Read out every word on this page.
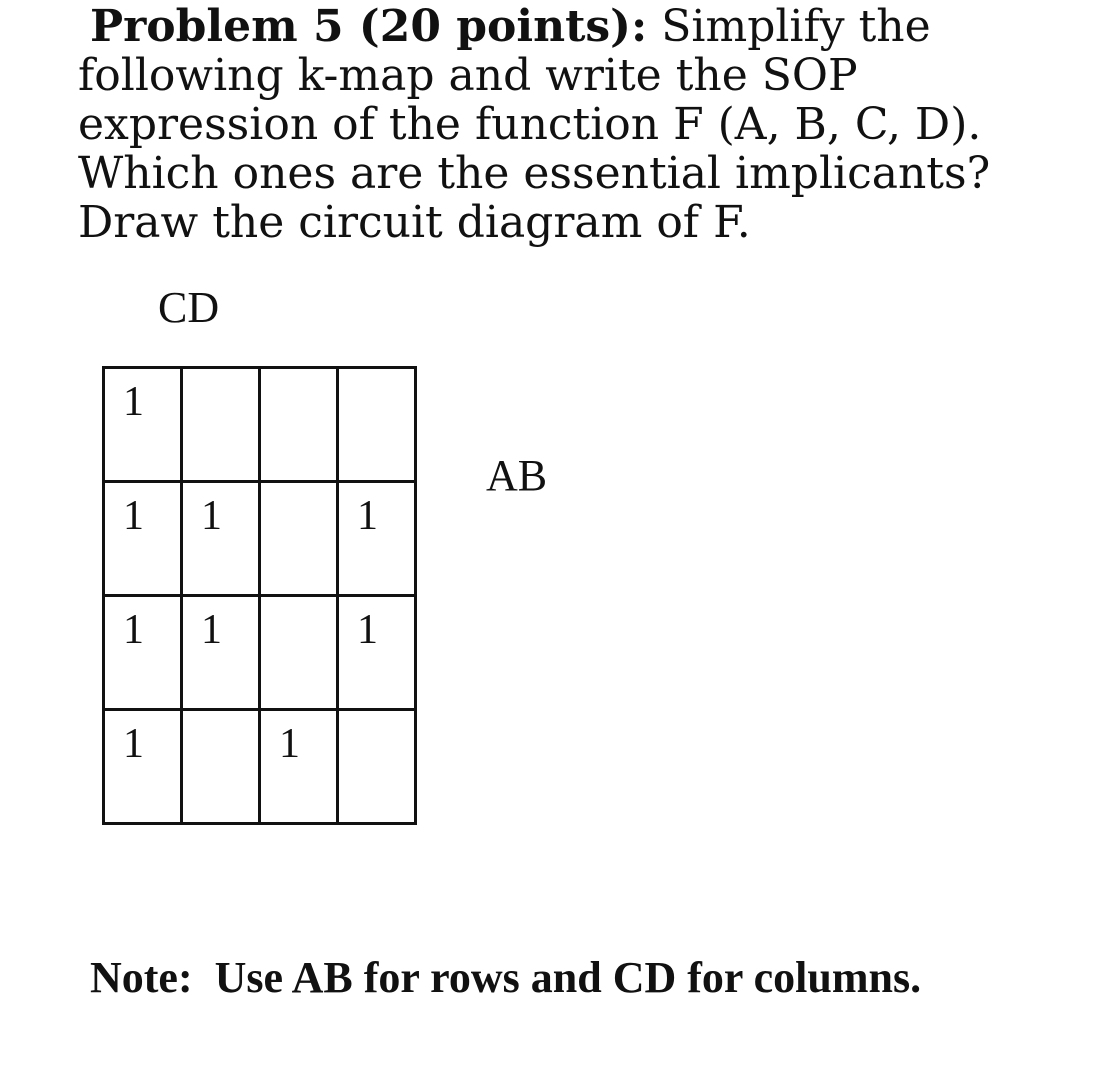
Problem 5 (20 points): Simplify the following k-map and write the SOP expression of the function F (A, B, C, D). Which ones are the essential implicants? Draw the circuit diagram of F.
CD
AB
1			

1	1		1

1	1		1

1		1	

Note:  Use AB for rows and CD for columns.
